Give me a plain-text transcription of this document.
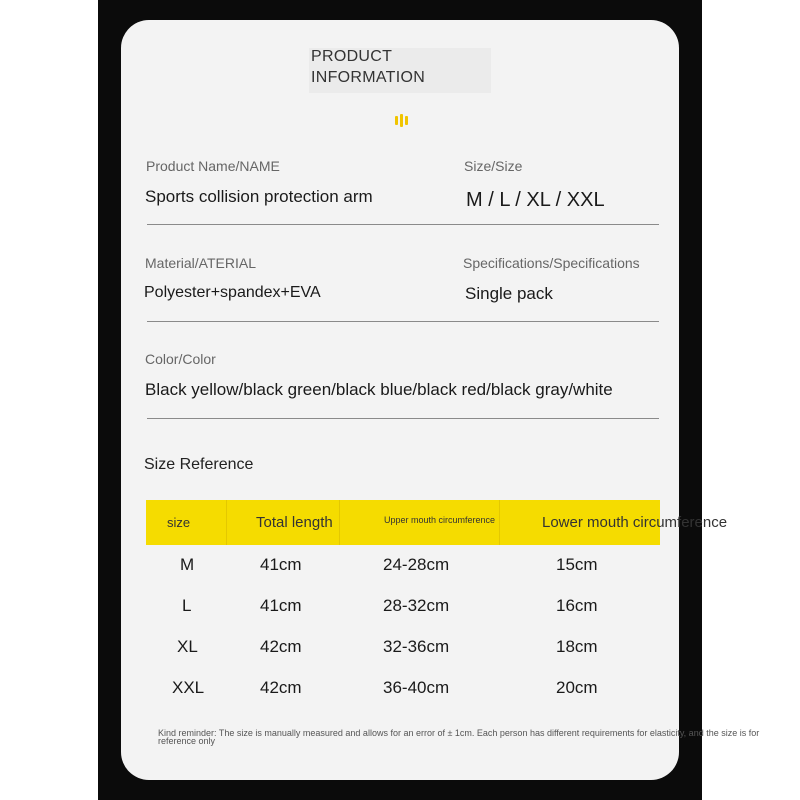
PRODUCT INFORMATION
Product Name/NAME
Sports collision protection arm
Size/Size
M / L / XL / XXL
Material/ATERIAL
Polyester+spandex+EVA
Specifications/Specifications
Single pack
Color/Color
Black yellow/black green/black blue/black red/black gray/white
Size Reference
size	Total length	Upper mouth circumference	Lower mouth circumference
M	41cm	24-28cm	15cm
L	41cm	28-32cm	16cm
XL	42cm	32-36cm	18cm
XXL	42cm	36-40cm	20cm
Kind reminder: The size is manually measured and allows for an error of ± 1cm. Each person has different requirements for elasticity, and the size is for reference only
